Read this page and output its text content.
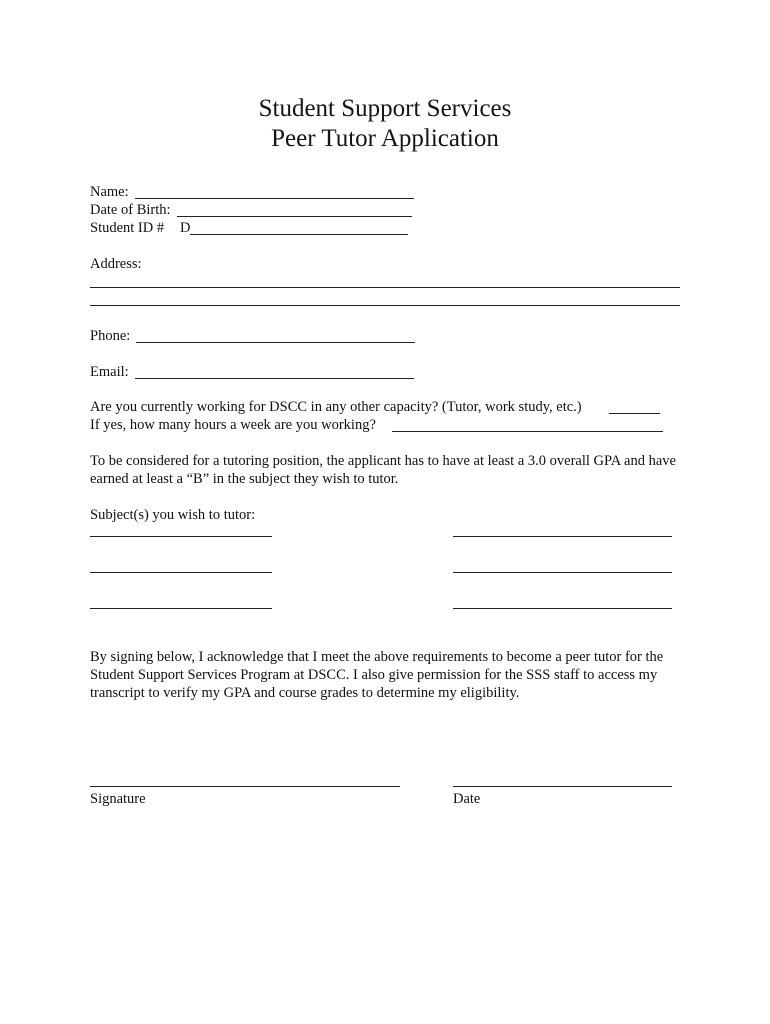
Student Support Services
Peer Tutor Application
Name:
Date of Birth:
Student ID # D
Address:
Phone:
Email:
Are you currently working for DSCC in any other capacity? (Tutor, work study, etc.)
If yes, how many hours a week are you working?
To be considered for a tutoring position, the applicant has to have at least a 3.0 overall GPA and have earned at least a “B” in the subject they wish to tutor.
Subject(s) you wish to tutor:
By signing below, I acknowledge that I meet the above requirements to become a peer tutor for the Student Support Services Program at DSCC. I also give permission for the SSS staff to access my transcript to verify my GPA and course grades to determine my eligibility.
Signature	Date
